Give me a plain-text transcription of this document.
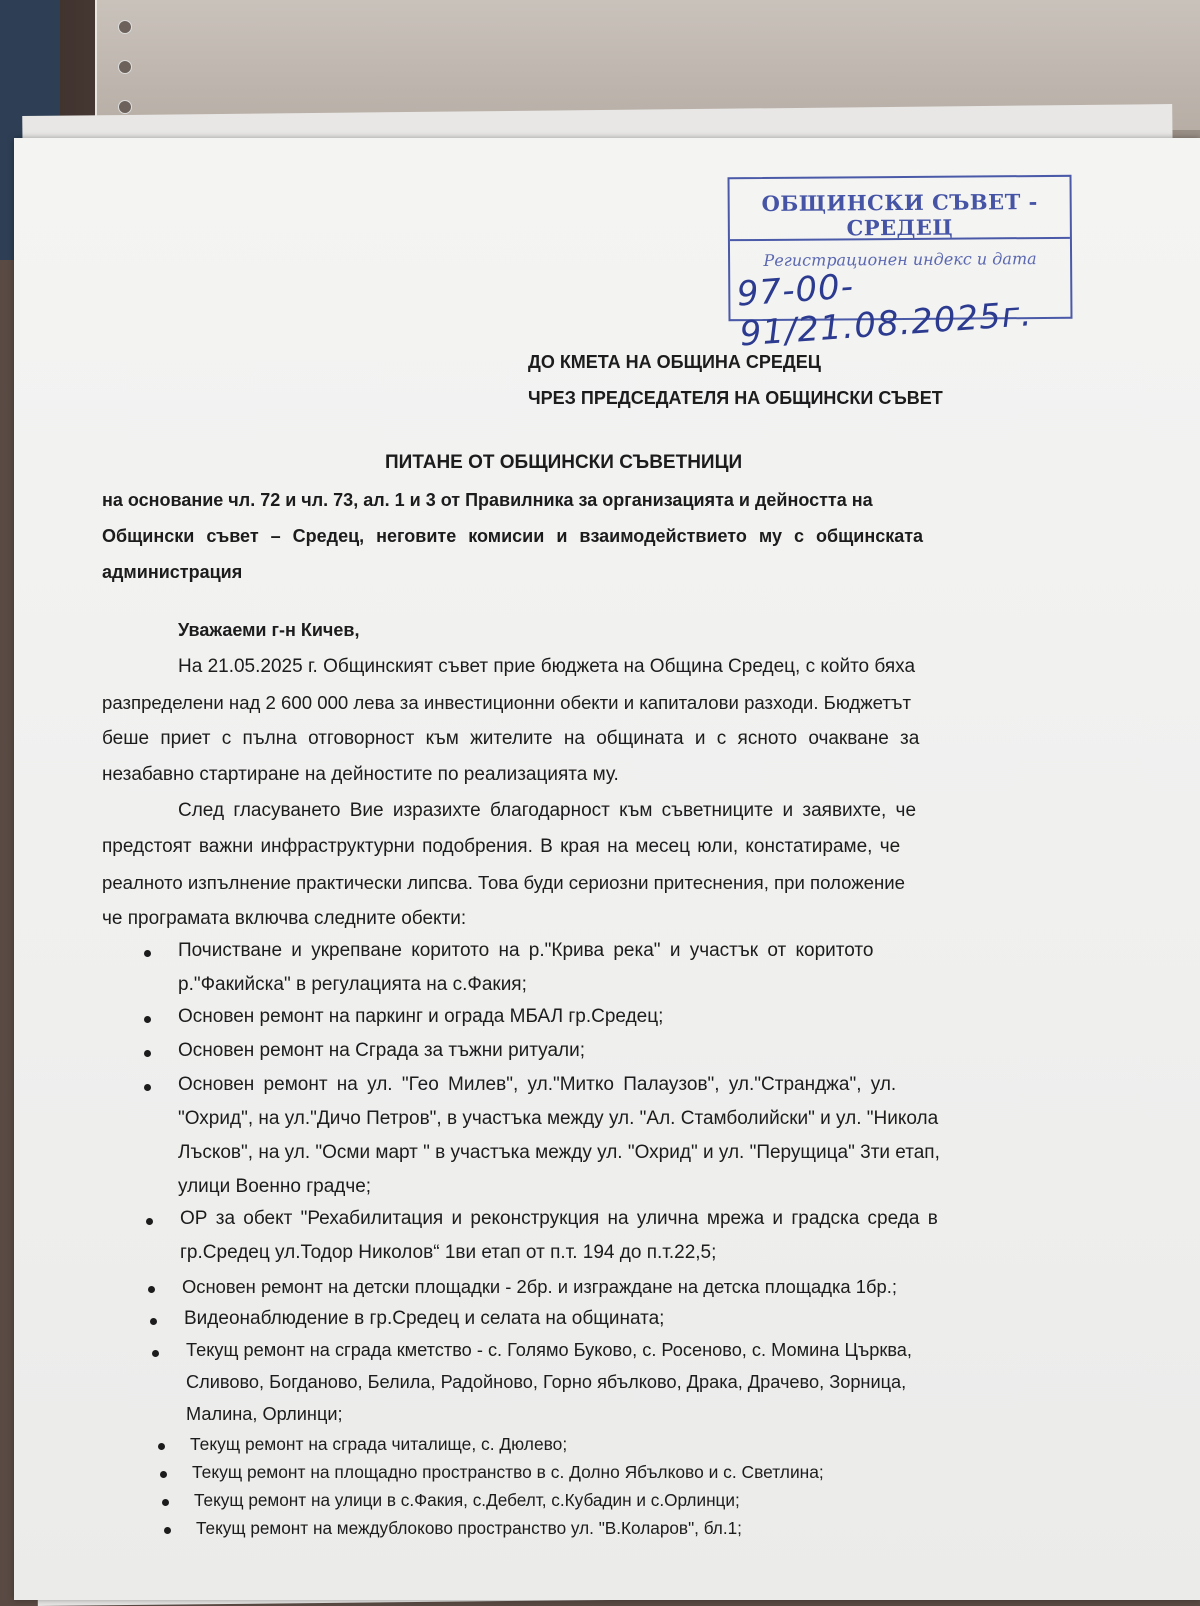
ОБЩИНСКИ СЪВЕТ - СРЕДЕЦ
Регистрационен индекс и дата
97-00-91/21.08.2025г.
ДО КМЕТА НА ОБЩИНА СРЕДЕЦ
ЧРЕЗ ПРЕДСЕДАТЕЛЯ НА ОБЩИНСКИ СЪВЕТ
ПИТАНЕ ОТ ОБЩИНСКИ СЪВЕТНИЦИ
на основание чл. 72 и чл. 73, ал. 1 и 3 от Правилника за организацията и дейността на
Общински съвет – Средец, неговите комисии и взаимодействието му с общинската
администрация
Уважаеми г-н Кичев,
На 21.05.2025 г. Общинският съвет прие бюджета на Община Средец, с който бяха
разпределени над 2 600 000 лева за инвестиционни обекти и капиталови разходи. Бюджетът
беше приет с пълна отговорност към жителите на общината и с ясното очакване за
незабавно стартиране на дейностите по реализацията му.
След гласуването Вие изразихте благодарност към съветниците и заявихте, че
предстоят важни инфраструктурни подобрения. В края на месец юли, констатираме, че
реалното изпълнение практически липсва. Това буди сериозни притеснения, при положение
че програмата включва следните обекти:
Почистване и укрепване коритото на р."Крива река" и участък от коритото
р."Факийска" в регулацията на с.Факия;
Основен ремонт на паркинг и ограда МБАЛ гр.Средец;
Основен ремонт на Сграда за тъжни ритуали;
Основен ремонт на ул. "Гео Милев", ул."Митко Палаузов", ул."Странджа", ул.
"Охрид", на ул."Дичо Петров", в участъка между ул. "Ал. Стамболийски" и ул. "Никола
Лъсков", на ул. "Осми март " в участъка между ул. "Охрид" и ул. "Перущица" 3ти етап,
улици Военно градче;
ОР за обект "Рехабилитация и реконструкция на улична мрежа и градска среда в
гр.Средец ул.Тодор Николов“ 1ви етап от п.т. 194 до п.т.22,5;
Основен ремонт на детски площадки - 2бр. и изграждане на детска площадка 1бр.;
Видеонаблюдение в гр.Средец и селата на общината;
Текущ ремонт на сграда кметство - с. Голямо Буково, с. Росеново, с. Момина Църква,
Сливово, Богданово, Белила, Радойново, Горно ябълково, Драка, Драчево, Зорница,
Малина, Орлинци;
Текущ ремонт на сграда читалище, с. Дюлево;
Текущ ремонт на площадно пространство в с. Долно Ябълково и с. Светлина;
Текущ ремонт на улици в с.Факия, с.Дебелт, с.Кубадин и с.Орлинци;
Текущ ремонт на междублоково пространство ул. "В.Коларов", бл.1;
